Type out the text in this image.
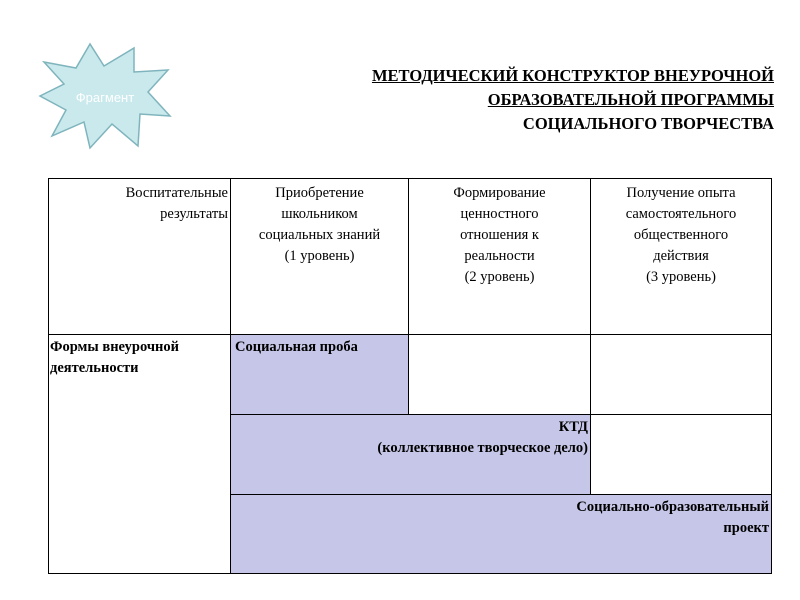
Фрагмент
МЕТОДИЧЕСКИЙ КОНСТРУКТОР ВНЕУРОЧНОЙ
ОБРАЗОВАТЕЛЬНОЙ ПРОГРАММЫ
СОЦИАЛЬНОГО ТВОРЧЕСТВА
Воспитательные
результаты
Приобретение
школьником
социальных знаний
(1 уровень)
Формирование
ценностного
отношения к
реальности
(2 уровень)
Получение опыта
самостоятельного
общественного
действия
(3 уровень)
Формы внеурочной
деятельности
Социальная проба
КТД
(коллективное творческое дело)
Социально-образовательный
проект
